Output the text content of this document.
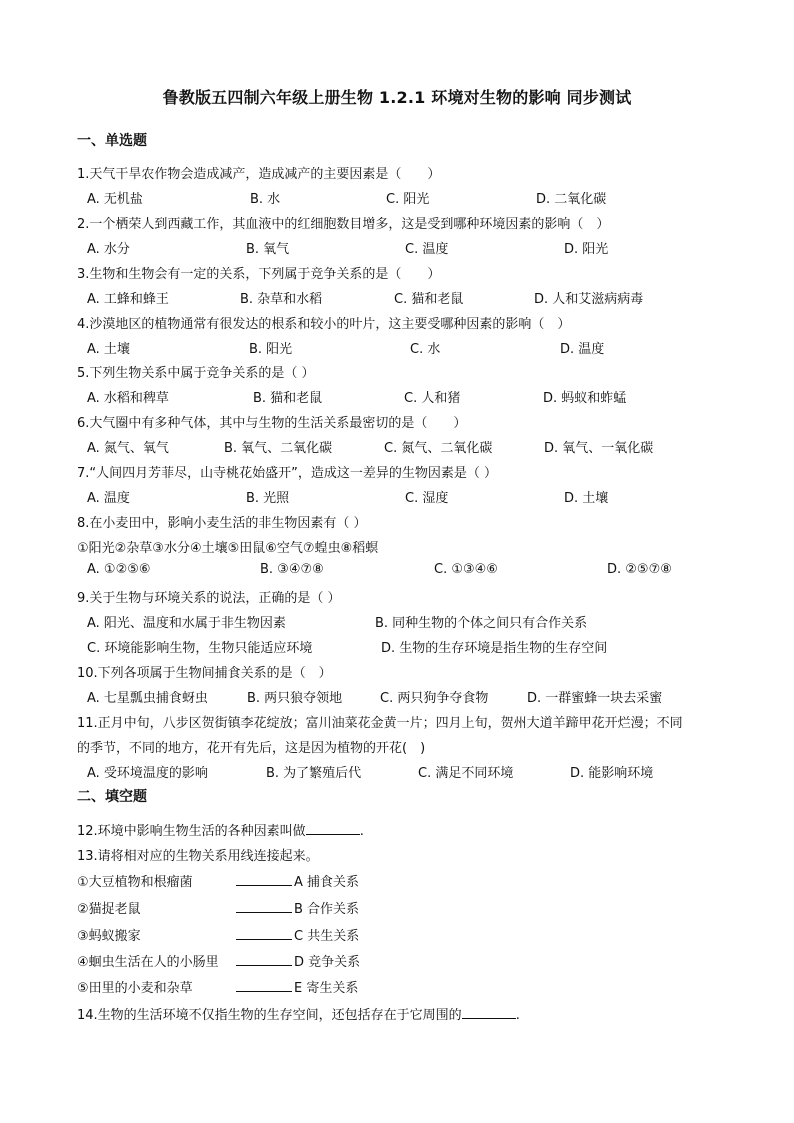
鲁教版五四制六年级上册生物 1.2.1 环境对生物的影响 同步测试
一、单选题
1.天气干旱农作物会造成减产，造成减产的主要因素是（　　）
A. 无机盐	B. 水	C. 阳光	D. 二氧化碳
2.一个栖荣人到西藏工作，其血液中的红细胞数目增多，这是受到哪种环境因素的影响（　）
A. 水分	B. 氧气	C. 温度	D. 阳光
3.生物和生物会有一定的关系，下列属于竞争关系的是（　　）
A. 工蜂和蜂王	B. 杂草和水稻	C. 猫和老鼠	D. 人和艾滋病病毒
4.沙漠地区的植物通常有很发达的根系和较小的叶片，这主要受哪种因素的影响（　）
A. 土壤	B. 阳光	C. 水	D. 温度
5.下列生物关系中属于竞争关系的是（ ）
A. 水稻和稗草	B. 猫和老鼠	C. 人和猪	D. 蚂蚁和蚱蜢
6.大气圈中有多种气体，其中与生物的生活关系最密切的是（　　）
A. 氮气、氧气	B. 氧气、二氧化碳	C. 氮气、二氧化碳	D. 氧气、一氧化碳
7.“人间四月芳菲尽，山寺桃花始盛开”，造成这一差异的生物因素是（ ）
A. 温度	B. 光照	C. 湿度	D. 土壤
8.在小麦田中，影响小麦生活的非生物因素有（ ）
①阳光②杂草③水分④土壤⑤田鼠⑥空气⑦蝗虫⑧稻螟
A. ①②⑤⑥	B. ③④⑦⑧	C. ①③④⑥	D. ②⑤⑦⑧
9.关于生物与环境关系的说法，正确的是（ ）
A. 阳光、温度和水属于非生物因素	B. 同种生物的个体之间只有合作关系
C. 环境能影响生物，生物只能适应环境	D. 生物的生存环境是指生物的生存空间
10.下列各项属于生物间捕食关系的是（　）
A. 七星瓢虫捕食蚜虫	B. 两只狼夺领地	C. 两只狗争夺食物	D. 一群蜜蜂一块去采蜜
11.正月中旬，八步区贺街镇李花绽放；富川油菜花金黄一片；四月上旬，贺州大道羊蹄甲花开烂漫；不同
的季节，不同的地方，花开有先后，这是因为植物的开花(　)
A. 受环境温度的影响	B. 为了繁殖后代	C. 满足不同环境	D. 能影响环境
二、填空题
12.环境中影响生物生活的各种因素叫做	.
13.请将相对应的生物关系用线连接起来。
①大豆植物和根瘤菌	A 捕食关系
②猫捉老鼠	B 合作关系
③蚂蚁搬家	C 共生关系
④蛔虫生活在人的小肠里	D 竞争关系
⑤田里的小麦和杂草	E 寄生关系
14.生物的生活环境不仅指生物的生存空间，还包括存在于它周围的	.
